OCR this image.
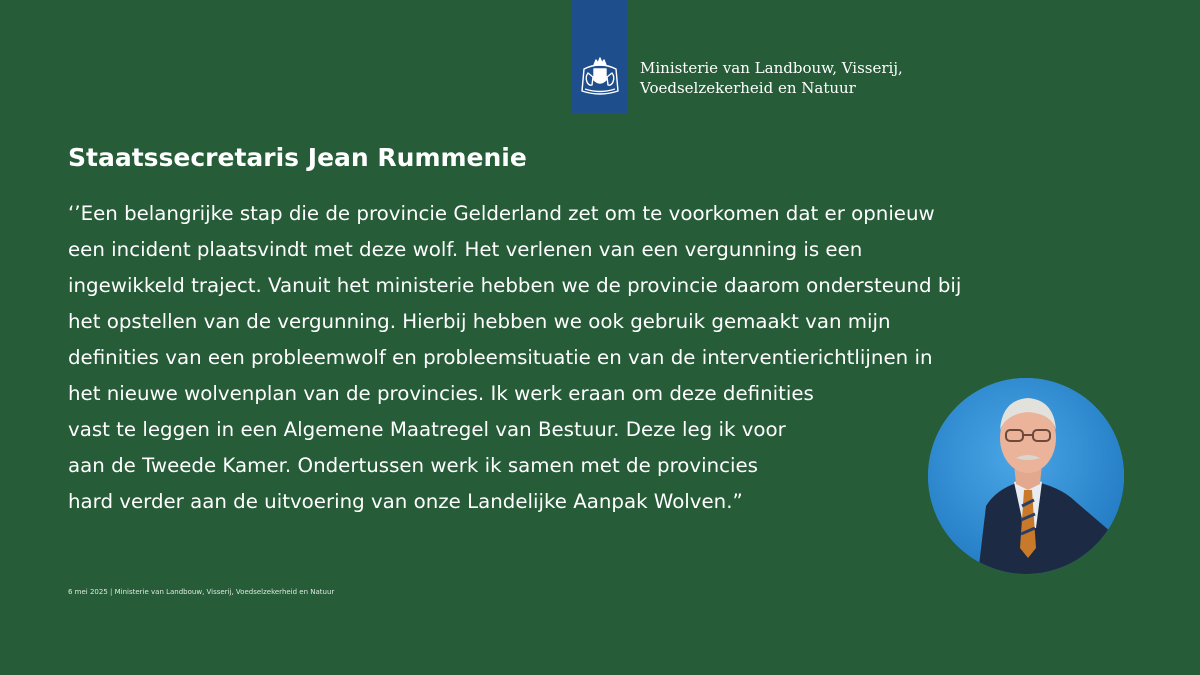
Ministerie van Landbouw, Visserij,
Voedselzekerheid en Natuur
Staatssecretaris Jean Rummenie
‘’Een belangrijke stap die de provincie Gelderland zet om te voorkomen dat er opnieuw
een incident plaatsvindt met deze wolf. Het verlenen van een vergunning is een
ingewikkeld traject. Vanuit het ministerie hebben we de provincie daarom ondersteund bij
het opstellen van de vergunning. Hierbij hebben we ook gebruik gemaakt van mijn
definities van een probleemwolf en probleemsituatie en van de interventierichtlijnen in
het nieuwe wolvenplan van de provincies. Ik werk eraan om deze definities
vast te leggen in een Algemene Maatregel van Bestuur. Deze leg ik voor
aan de Tweede Kamer. Ondertussen werk ik samen met de provincies
hard verder aan de uitvoering van onze Landelijke Aanpak Wolven.”
6 mei 2025 | Ministerie van Landbouw, Visserij, Voedselzekerheid en Natuur
